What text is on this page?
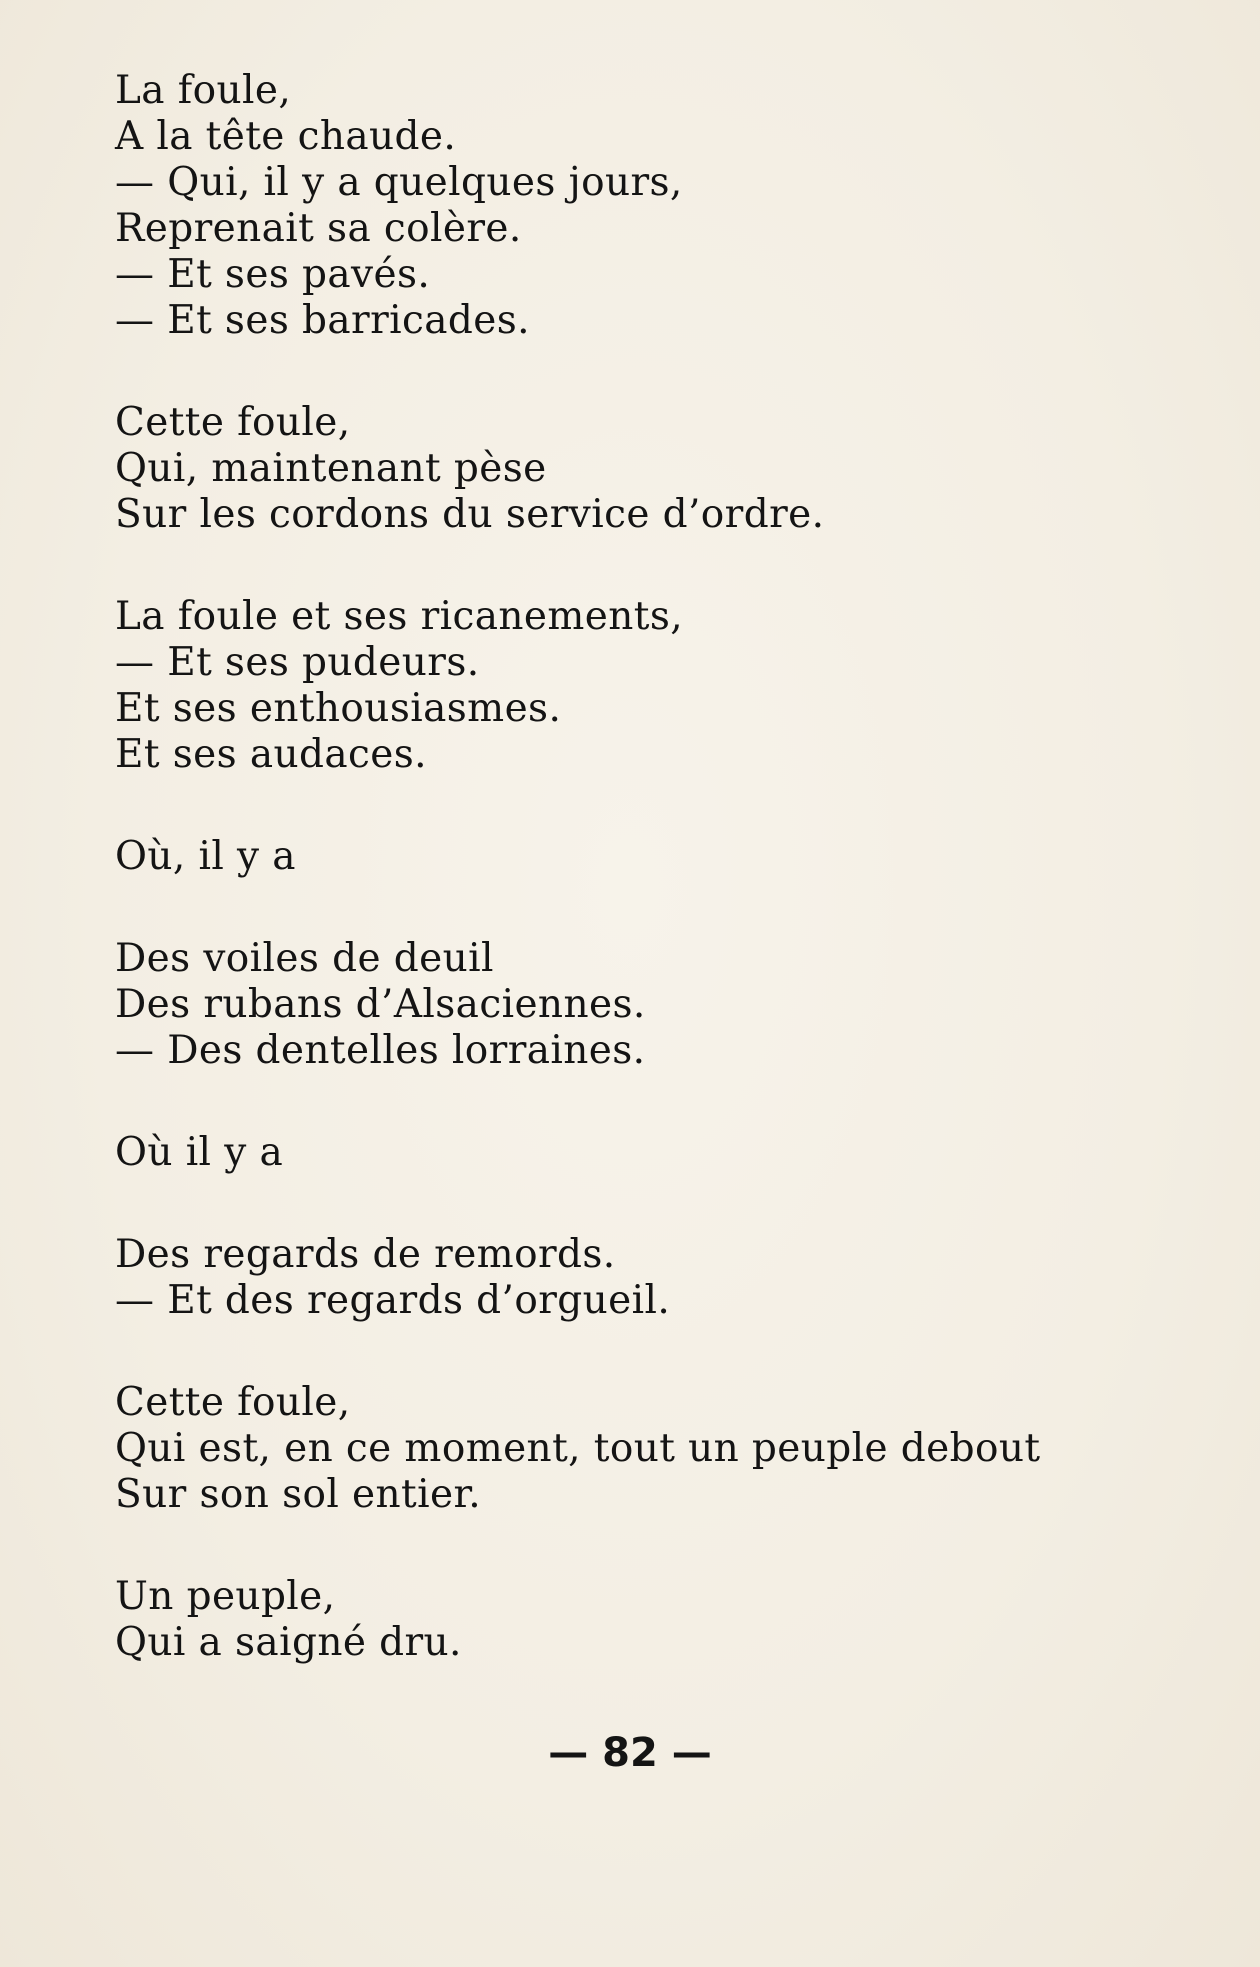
La foule,
A la tête chaude.
— Qui, il y a quelques jours,
Reprenait sa colère.
— Et ses pavés.
— Et ses barricades.
Cette foule,
Qui, maintenant pèse
Sur les cordons du service d’ordre.
La foule et ses ricanements,
— Et ses pudeurs.
Et ses enthousiasmes.
Et ses audaces.
Où, il y a
Des voiles de deuil
Des rubans d’Alsaciennes.
— Des dentelles lorraines.
Où il y a
Des regards de remords.
— Et des regards d’orgueil.
Cette foule,
Qui est, en ce moment, tout un peuple debout
Sur son sol entier.
Un peuple,
Qui a saigné dru.
— 82 —
